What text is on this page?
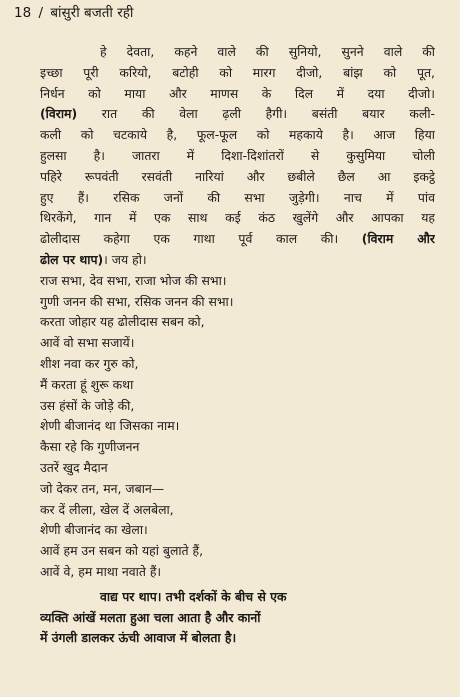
18 / बांसुरी बजती रही
हे देवता, कहने वाले की सुनियो, सुनने वाले की
इच्छा पूरी करियो, बटोही को मारग दीजो, बांझ को पूत,
निर्धन को माया और माणस के दिल में दया दीजो।
(विराम) रात की वेला ढ़ली हैगी। बसंती बयार कली-
कली को चटकाये है, फूल-फूल को महकाये है। आज हिया
हुलसा है। जातरा में दिशा-दिशांतरों से कुसुमिया चोली
पहिरे रूपवंती रसवंती नारियां और छबीले छैल आ इकट्ठे
हुए हैं। रसिक जनों की सभा जुड़ेगी। नाच में पांव
थिरकेंगे, गान में एक साथ कई कंठ खुलेंगे और आपका यह
ढोलीदास कहेगा एक गाथा पूर्व काल की। (विराम और
ढोल पर थाप)। जय हो।
राज सभा, देव सभा, राजा भोज की सभा।
गुणी जनन की सभा, रसिक जनन की सभा।
करता जोहार यह ढोलीदास सबन को,
आवें वो सभा सजायें।
शीश नवा कर गुरु को,
मैं करता हूं शुरू कथा
उस हंसों के जोड़े की,
शेणी बीजानंद था जिसका नाम।
कैसा रहे कि गुणीजनन
उतरें खुद मैदान
जो देकर तन, मन, जबान—
कर दें लीला, खेल दें अलबेला,
शेणी बीजानंद का खेला।
आवें हम उन सबन को यहां बुलाते हैं,
आवें वे, हम माथा नवाते हैं।
वाद्य पर थाप। तभी दर्शकों के बीच से एक
व्यक्ति आंखें मलता हुआ चला आता है और कानों
में उंगली डालकर ऊंची आवाज में बोलता है।
